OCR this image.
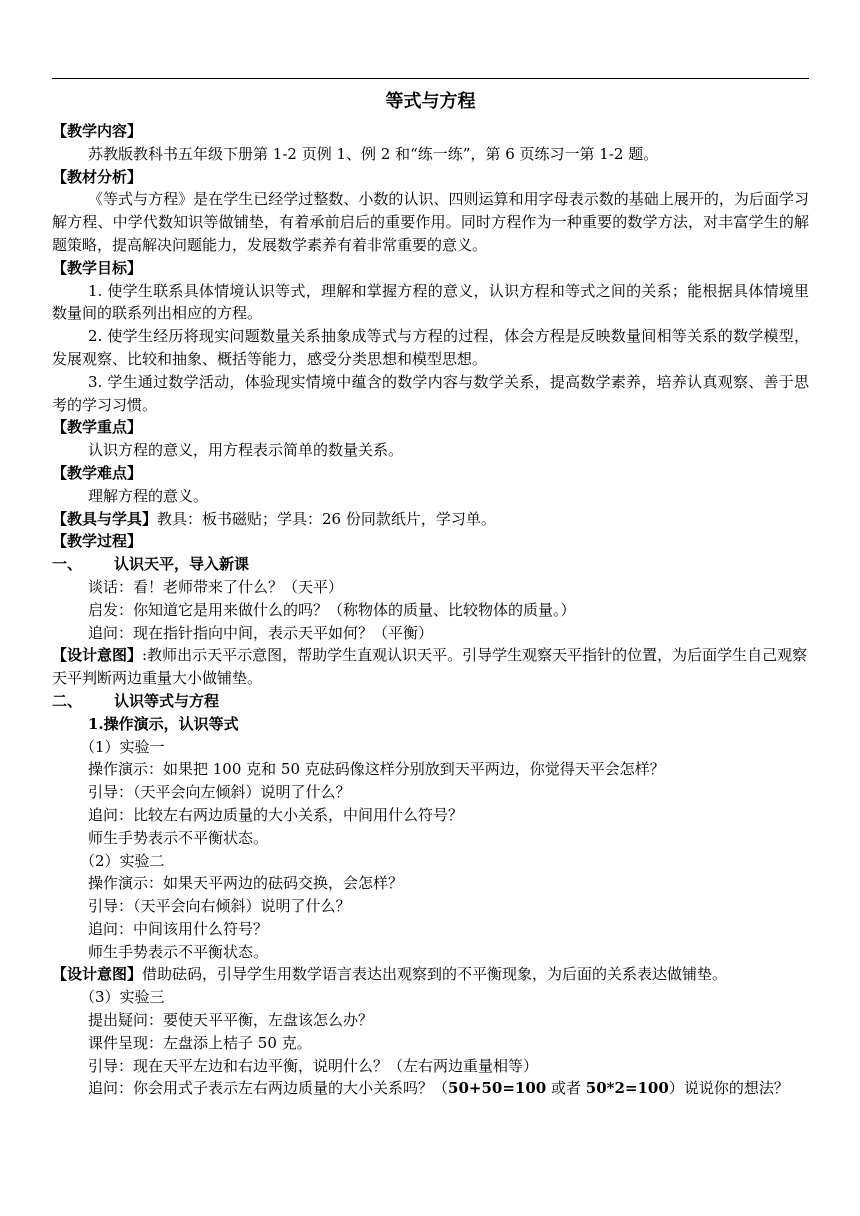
等式与方程

【教学内容】

苏教版教科书五年级下册第 1-2 页例 1、例 2 和“练一练”，第 6 页练习一第 1-2 题。

【教材分析】

《等式与方程》是在学生已经学过整数、小数的认识、四则运算和用字母表示数的基础上展开的，为后面学习解方程、中学代数知识等做铺垫，有着承前启后的重要作用。同时方程作为一种重要的数学方法，对丰富学生的解题策略，提高解决问题能力，发展数学素养有着非常重要的意义。

【教学目标】

1. 使学生联系具体情境认识等式，理解和掌握方程的意义，认识方程和等式之间的关系；能根据具体情境里数量间的联系列出相应的方程。

2. 使学生经历将现实问题数量关系抽象成等式与方程的过程，体会方程是反映数量间相等关系的数学模型，发展观察、比较和抽象、概括等能力，感受分类思想和模型思想。

3. 学生通过数学活动，体验现实情境中蕴含的数学内容与数学关系，提高数学素养，培养认真观察、善于思考的学习习惯。

【教学重点】

认识方程的意义，用方程表示简单的数量关系。

【教学难点】

理解方程的意义。

【教具与学具】教具：板书磁贴；学具：26 份同款纸片，学习单。

【教学过程】

一、 认识天平，导入新课

谈话：看！老师带来了什么？（天平）

启发：你知道它是用来做什么的吗？（称物体的质量、比较物体的质量。）

追问：现在指针指向中间，表示天平如何？（平衡）

【设计意图】:教师出示天平示意图，帮助学生直观认识天平。引导学生观察天平指针的位置，为后面学生自己观察天平判断两边重量大小做铺垫。

二、 认识等式与方程

1.操作演示，认识等式

（1）实验一

操作演示：如果把 100 克和 50 克砝码像这样分别放到天平两边，你觉得天平会怎样？

引导：（天平会向左倾斜）说明了什么？

追问：比较左右两边质量的大小关系，中间用什么符号？

师生手势表示不平衡状态。

（2）实验二

操作演示：如果天平两边的砝码交换，会怎样？

引导：（天平会向右倾斜）说明了什么？

追问：中间该用什么符号？

师生手势表示不平衡状态。

【设计意图】借助砝码，引导学生用数学语言表达出观察到的不平衡现象，为后面的关系表达做铺垫。

（3）实验三

提出疑问：要使天平平衡，左盘该怎么办？

课件呈现：左盘添上桔子 50 克。

引导：现在天平左边和右边平衡，说明什么？（左右两边重量相等）

追问：你会用式子表示左右两边质量的大小关系吗？（50+50=100 或者 50*2=100）说说你的想法？
